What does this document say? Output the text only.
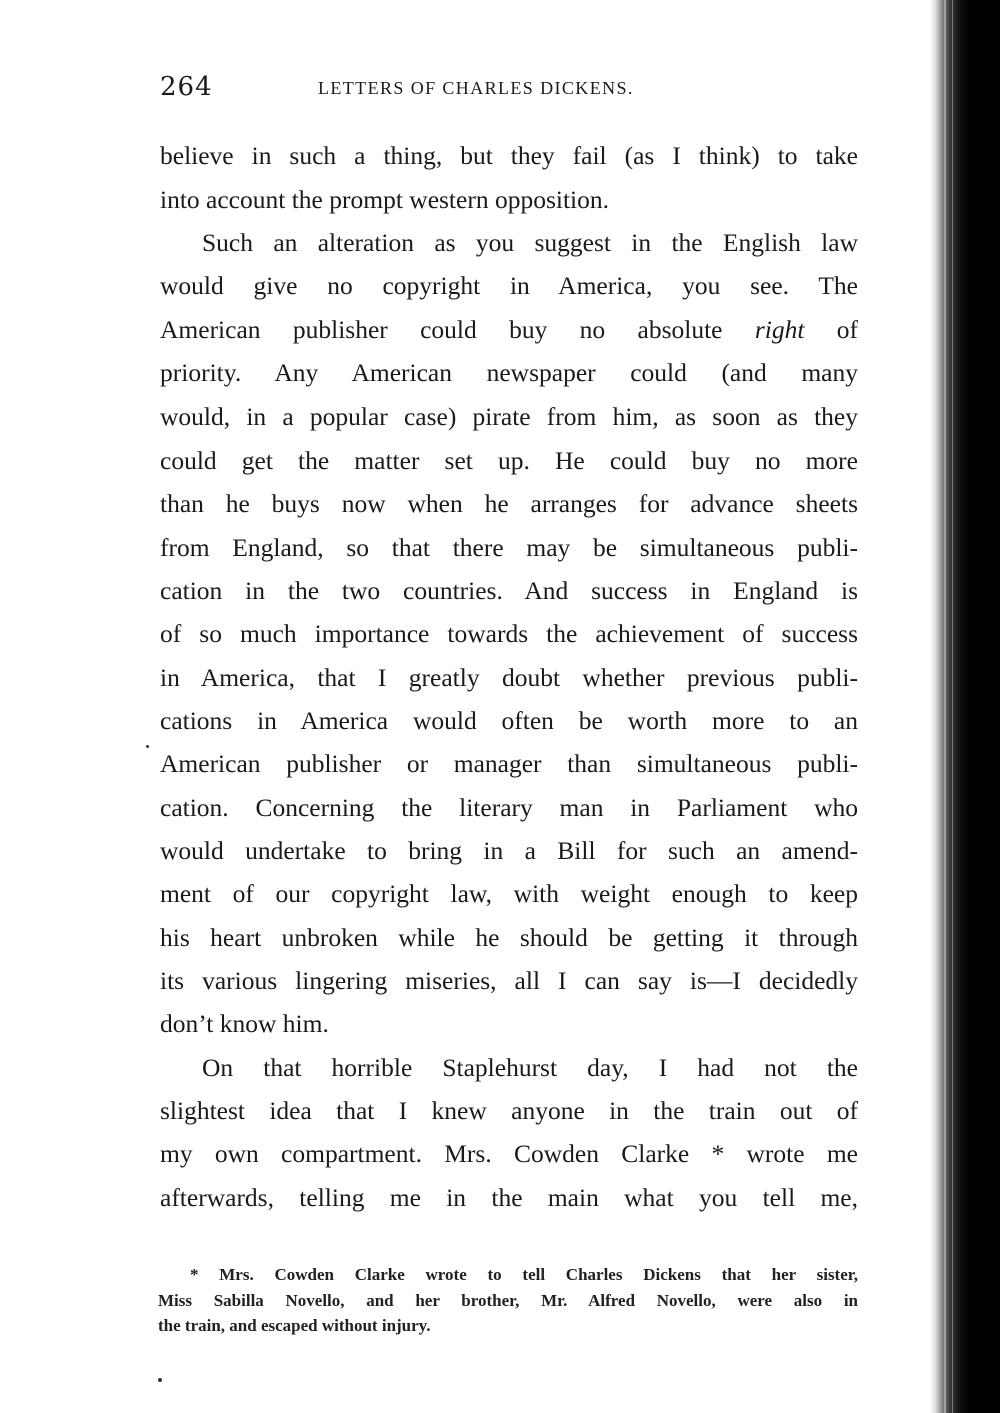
264	LETTERS OF CHARLES DICKENS.
believe in such a thing, but they fail (as I think) to take
into account the prompt western opposition.
Such an alteration as you suggest in the English law
would give no copyright in America, you see. The
American publisher could buy no absolute right of
priority. Any American newspaper could (and many
would, in a popular case) pirate from him, as soon as they
could get the matter set up. He could buy no more
than he buys now when he arranges for advance sheets
from England, so that there may be simultaneous publi-
cation in the two countries. And success in England is
of so much importance towards the achievement of success
in America, that I greatly doubt whether previous publi-
cations in America would often be worth more to an
American publisher or manager than simultaneous publi-
cation. Concerning the literary man in Parliament who
would undertake to bring in a Bill for such an amend-
ment of our copyright law, with weight enough to keep
his heart unbroken while he should be getting it through
its various lingering miseries, all I can say is—I decidedly
don’t know him.
On that horrible Staplehurst day, I had not the
slightest idea that I knew anyone in the train out of
my own compartment. Mrs. Cowden Clarke * wrote me
afterwards, telling me in the main what you tell me,
* Mrs. Cowden Clarke wrote to tell Charles Dickens that her sister,
Miss Sabilla Novello, and her brother, Mr. Alfred Novello, were also in
the train, and escaped without injury.
